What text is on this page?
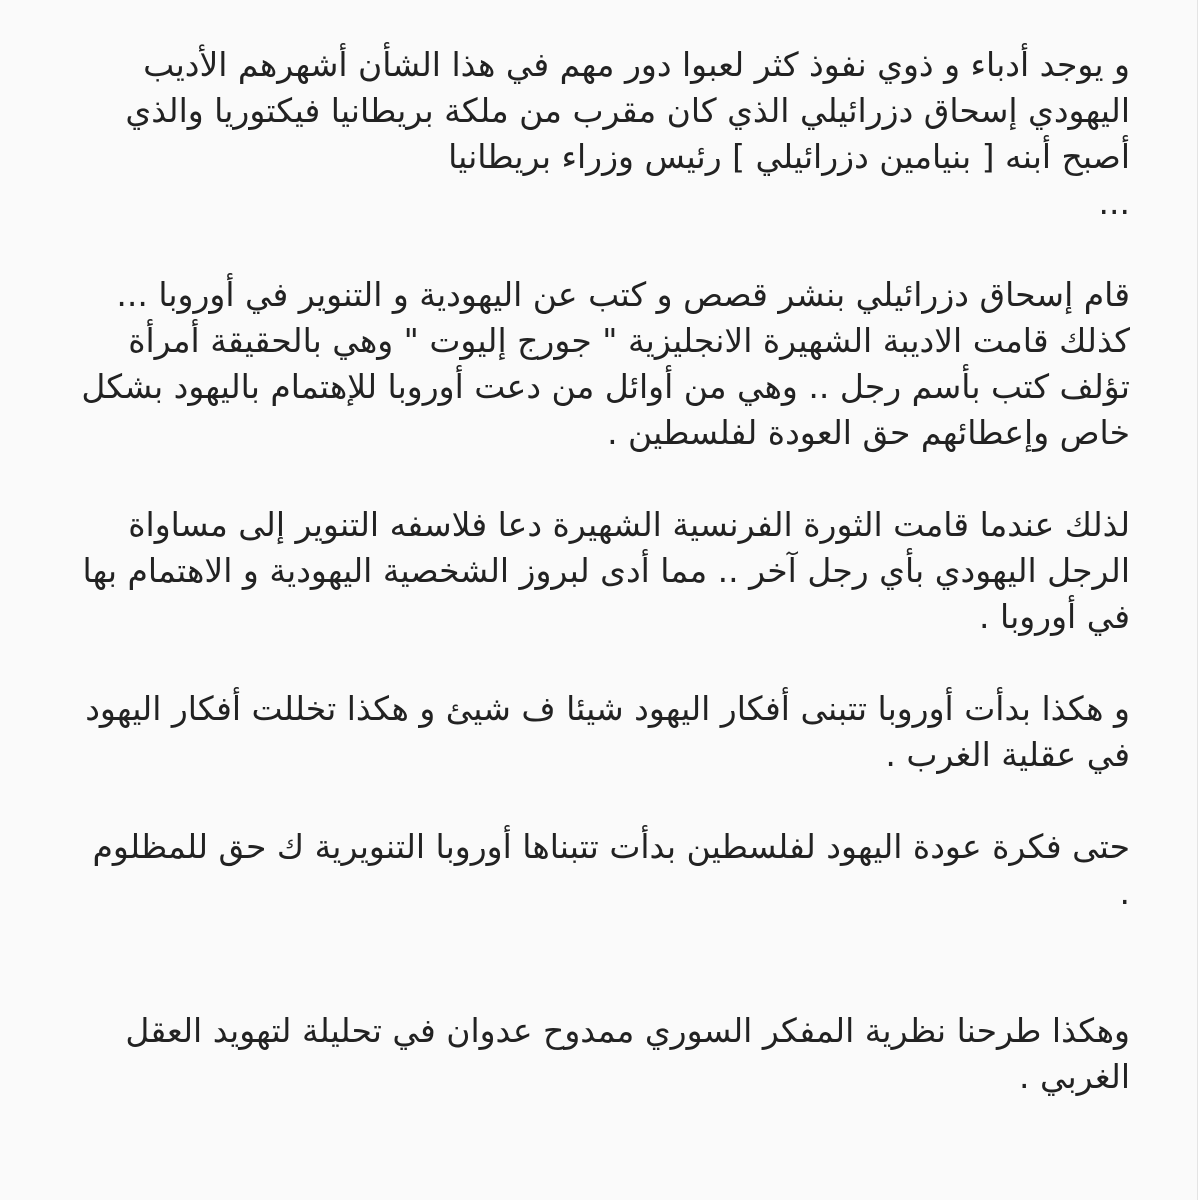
و يوجد أدباء و ذوي نفوذ كثر لعبوا دور مهم في هذا الشأن أشهرهم الأديب اليهودي إسحاق دزرائيلي الذي كان مقرب من ملكة بريطانيا فيكتوريا والذي أصبح أبنه [ بنيامين دزرائيلي ] رئيس وزراء بريطانيا
...

قام إسحاق دزرائيلي بنشر قصص و كتب عن اليهودية و التنوير في أوروبا ... كذلك قامت الاديبة الشهيرة الانجليزية " جورج إليوت " وهي بالحقيقة أمرأة تؤلف كتب بأسم رجل .. وهي من أوائل من دعت أوروبا للإهتمام باليهود بشكل خاص وإعطائهم حق العودة لفلسطين .

لذلك عندما قامت الثورة الفرنسية الشهيرة دعا فلاسفه التنوير إلى مساواة الرجل اليهودي بأي رجل آخر .. مما أدى لبروز الشخصية اليهودية و الاهتمام بها في أوروبا .

و هكذا بدأت أوروبا تتبنى أفكار اليهود شيئا ف شيئ و هكذا تخللت أفكار اليهود في عقلية الغرب .

حتى فكرة عودة اليهود لفلسطين بدأت تتبناها أوروبا التنويرية ك حق للمظلوم .

وهكذا طرحنا نظرية المفكر السوري ممدوح عدوان في تحليلة لتهويد العقل الغربي .
